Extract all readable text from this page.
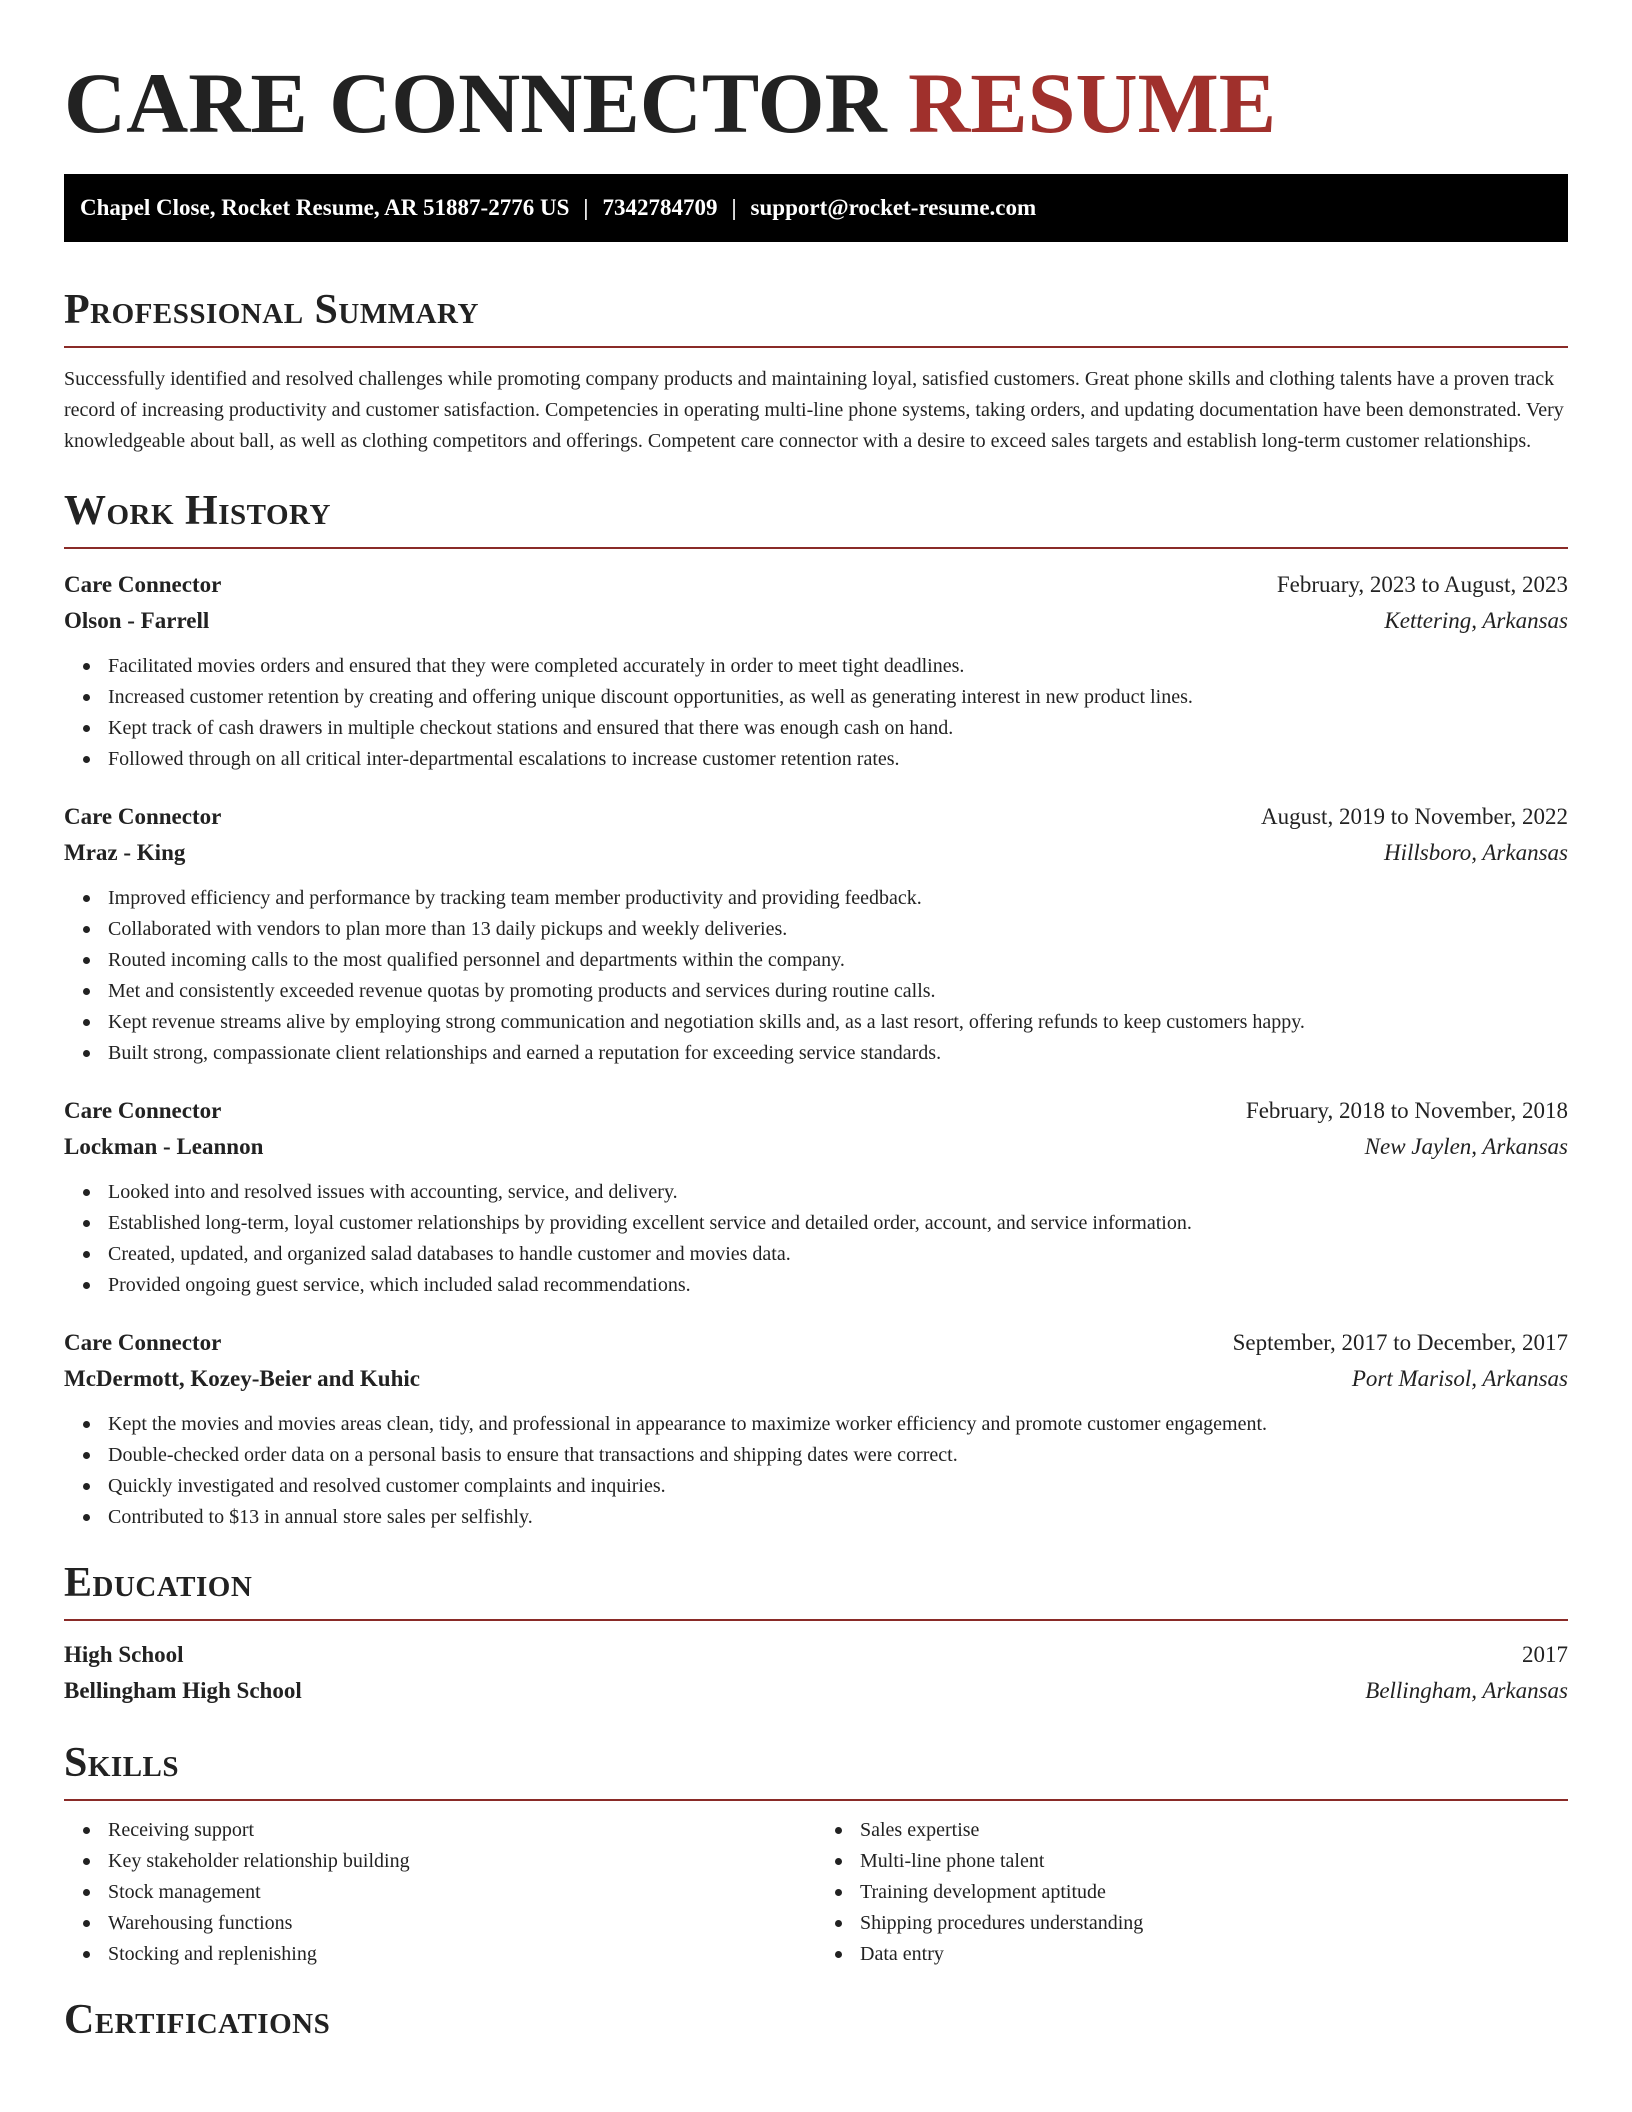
CARE CONNECTOR RESUME
Chapel Close, Rocket Resume, AR 51887-2776 US | 7342784709 | support@rocket-resume.com
Professional Summary

Successfully identified and resolved challenges while promoting company products and maintaining loyal, satisfied customers. Great phone skills and clothing talents have a proven track record of increasing productivity and customer satisfaction. Competencies in operating multi-line phone systems, taking orders, and updating documentation have been demonstrated. Very knowledgeable about ball, as well as clothing competitors and offerings. Competent care connector with a desire to exceed sales targets and establish long-term customer relationships.

Work History
Care Connector	February, 2023 to August, 2023
Olson - Farrell	Kettering, Arkansas
Facilitated movies orders and ensured that they were completed accurately in order to meet tight deadlines.
Increased customer retention by creating and offering unique discount opportunities, as well as generating interest in new product lines.
Kept track of cash drawers in multiple checkout stations and ensured that there was enough cash on hand.
Followed through on all critical inter-departmental escalations to increase customer retention rates.
Care Connector	August, 2019 to November, 2022
Mraz - King	Hillsboro, Arkansas
Improved efficiency and performance by tracking team member productivity and providing feedback.
Collaborated with vendors to plan more than 13 daily pickups and weekly deliveries.
Routed incoming calls to the most qualified personnel and departments within the company.
Met and consistently exceeded revenue quotas by promoting products and services during routine calls.
Kept revenue streams alive by employing strong communication and negotiation skills and, as a last resort, offering refunds to keep customers happy.
Built strong, compassionate client relationships and earned a reputation for exceeding service standards.
Care Connector	February, 2018 to November, 2018
Lockman - Leannon	New Jaylen, Arkansas
Looked into and resolved issues with accounting, service, and delivery.
Established long-term, loyal customer relationships by providing excellent service and detailed order, account, and service information.
Created, updated, and organized salad databases to handle customer and movies data.
Provided ongoing guest service, which included salad recommendations.
Care Connector	September, 2017 to December, 2017
McDermott, Kozey-Beier and Kuhic	Port Marisol, Arkansas
Kept the movies and movies areas clean, tidy, and professional in appearance to maximize worker efficiency and promote customer engagement.
Double-checked order data on a personal basis to ensure that transactions and shipping dates were correct.
Quickly investigated and resolved customer complaints and inquiries.
Contributed to $13 in annual store sales per selfishly.
Education
High School	2017
Bellingham High School	Bellingham, Arkansas
Skills
Receiving support
Key stakeholder relationship building
Stock management
Warehousing functions
Stocking and replenishing
Sales expertise
Multi-line phone talent
Training development aptitude
Shipping procedures understanding
Data entry
Certifications
